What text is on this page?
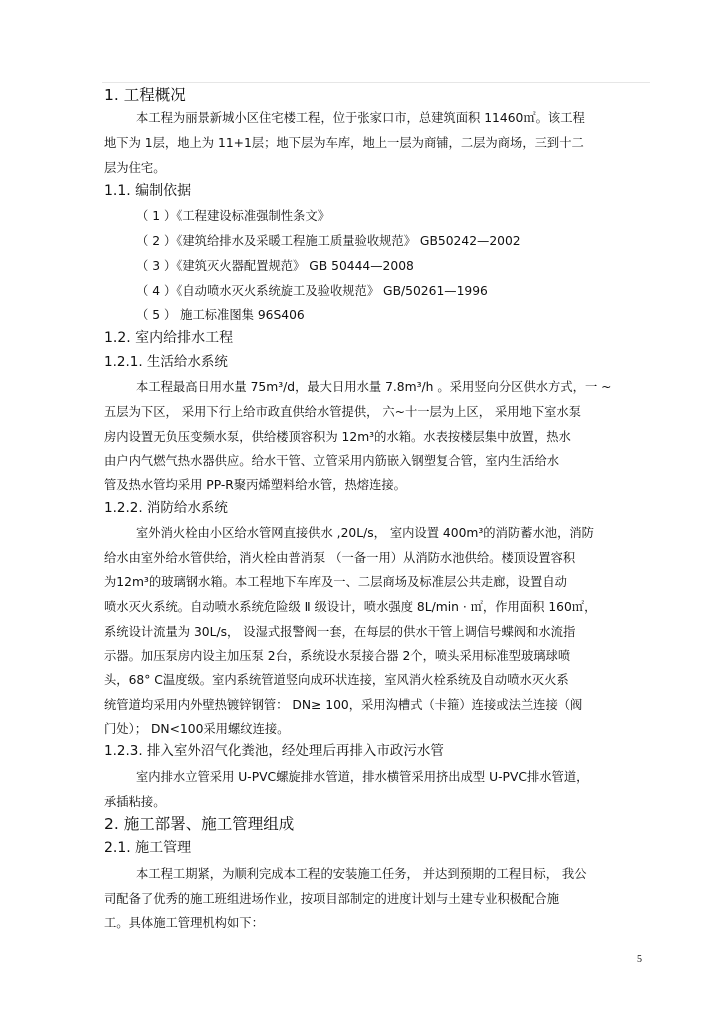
1. 工程概况
本工程为丽景新城小区住宅楼工程，位于张家口市，总建筑面积 11460㎡。该工程
地下为 1层，地上为 11+1层；地下层为车库，地上一层为商铺，二层为商场，三到十二
层为住宅。
1.1. 编制依据
（ 1 ）《工程建设标准强制性条文》
（ 2 ）《建筑给排水及采暖工程施工质量验收规范》 GB50242—2002
（ 3 ）《建筑灭火器配置规范》 GB 50444—2008
（ 4 ）《自动喷水灭火系统旋工及验收规范》 GB/50261—1996
（ 5 ） 施工标准图集 96S406
1.2. 室内给排水工程
1.2.1. 生活给水系统
本工程最高日用水量 75m³/d，最大日用水量 7.8m³/h 。采用竖向分区供水方式，一 ~
五层为下区， 采用下行上给市政直供给水管提供， 六~十一层为上区， 采用地下室水泵
房内设置无负压变频水泵，供给楼顶容积为 12m³的水箱。水表按楼层集中放置，热水
由户内气燃气热水器供应。给水干管、立管采用内筋嵌入钢塑复合管，室内生活给水
管及热水管均采用 PP-R聚丙烯塑料给水管，热熔连接。
1.2.2. 消防给水系统
室外消火栓由小区给水管网直接供水 ,20L/s， 室内设置 400m³的消防蓄水池，消防
给水由室外给水管供给，消火栓由普消泵 （一备一用）从消防水池供给。楼顶设置容积
为12m³的玻璃钢水箱。本工程地下车库及一、二层商场及标准层公共走廊，设置自动
喷水灭火系统。自动喷水系统危险级 Ⅱ 级设计，喷水强度 8L/min · ㎡，作用面积 160㎡，
系统设计流量为 30L/s， 设湿式报警阀一套，在每层的供水干管上调信号蝶阀和水流指
示器。加压泵房内设主加压泵 2台，系统设水泵接合器 2个，喷头采用标准型玻璃球喷
头，68° C温度级。室内系统管道竖向成环状连接，室风消火栓系统及自动喷水灭火系
统管道均采用内外壁热镀锌钢管： DN≥ 100，采用沟槽式（卡箍）连接或法兰连接（阀
门处）； DN<100采用螺纹连接。
1.2.3. 排入室外沼气化粪池，经处理后再排入市政污水管
室内排水立管采用 U-PVC螺旋排水管道，排水横管采用挤出成型 U-PVC排水管道，
承插粘接。
2. 施工部署、施工管理组成
2.1. 施工管理
本工程工期紧，为顺利完成本工程的安装施工任务， 并达到预期的工程目标， 我公
司配备了优秀的施工班组进场作业，按项目部制定的进度计划与土建专业积极配合施
工。具体施工管理机构如下：
5
